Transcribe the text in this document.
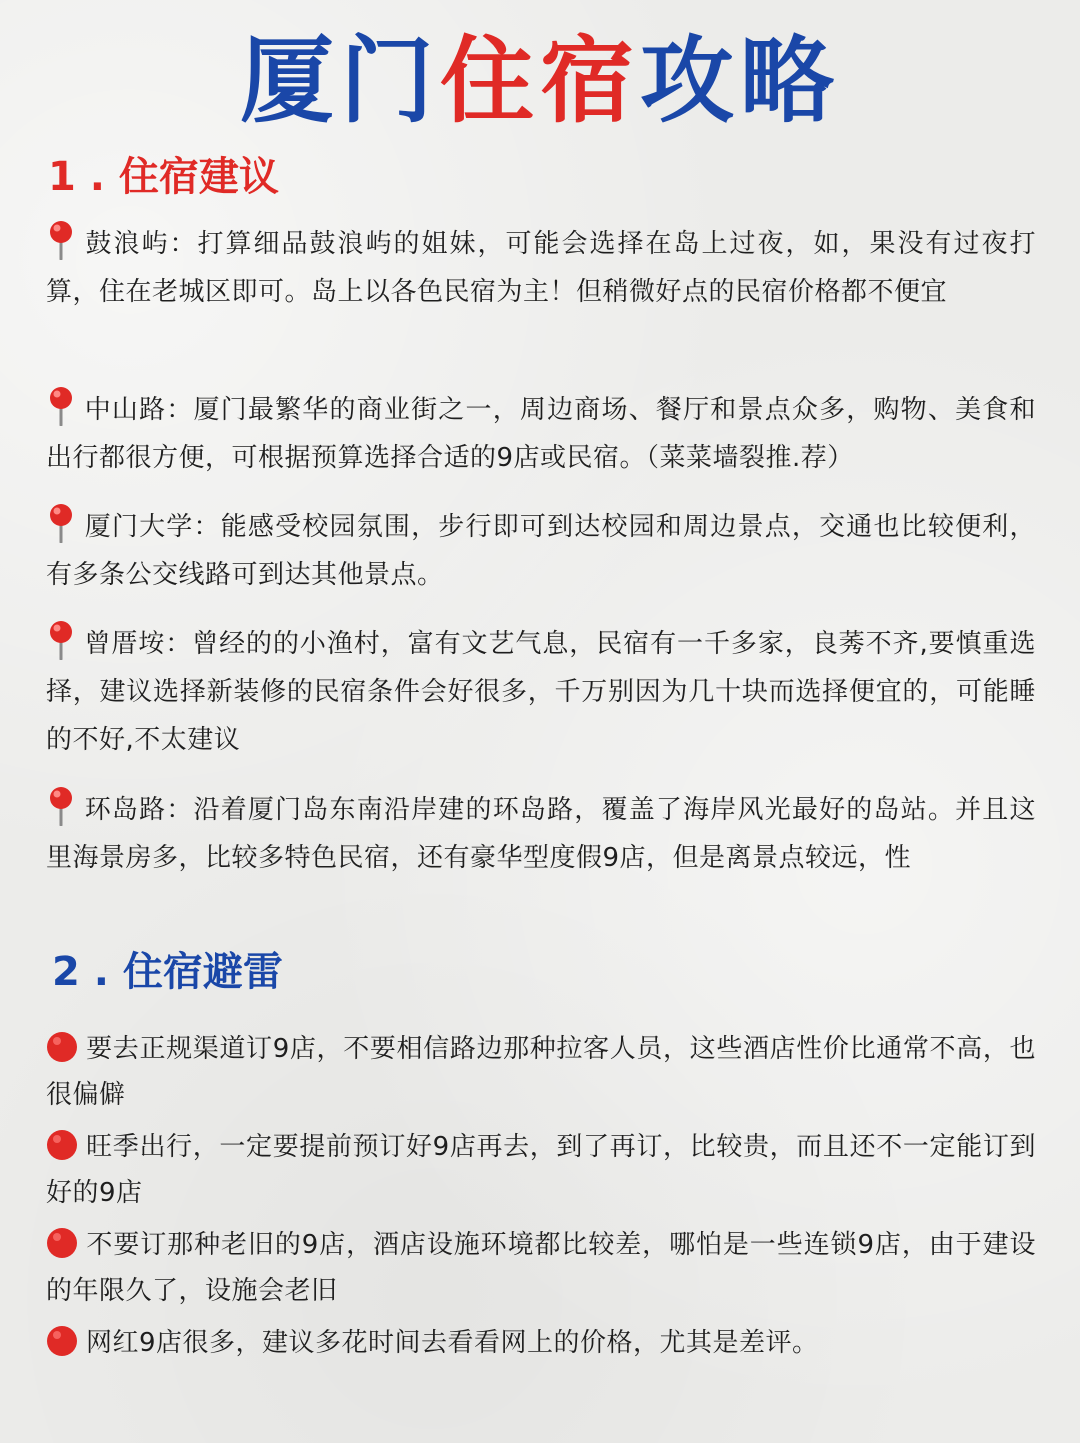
厦门住宿攻略
1 . 住宿建议
鼓浪屿：打算细品鼓浪屿的姐妹，可能会选择在岛上过夜，如，果没有过夜打算，住在老城区即可。岛上以各色民宿为主！但稍微好点的民宿价格都不便宜
中山路：厦门最繁华的商业街之一，周边商场、餐厅和景点众多，购物、美食和出行都很方便，可根据预算选择合适的9店或民宿。（菜菜墙裂推.荐）
厦门大学：能感受校园氛围，步行即可到达校园和周边景点，交通也比较便利，有多条公交线路可到达其他景点。
曾厝垵：曾经的的小渔村，富有文艺气息，民宿有一千多家，良莠不齐,要慎重选择，建议选择新装修的民宿条件会好很多，千万别因为几十块而选择便宜的，可能睡的不好,不太建议
环岛路：沿着厦门岛东南沿岸建的环岛路，覆盖了海岸风光最好的岛站。并且这里海景房多，比较多特色民宿，还有豪华型度假9店，但是离景点较远，性
2 . 住宿避雷
要去正规渠道订9店，不要相信路边那种拉客人员，这些酒店性价比通常不高，也很偏僻
旺季出行，一定要提前预订好9店再去，到了再订，比较贵，而且还不一定能订到好的9店
不要订那种老旧的9店，酒店设施环境都比较差，哪怕是一些连锁9店，由于建设的年限久了，设施会老旧
网红9店很多，建议多花时间去看看网上的价格，尤其是差评。
